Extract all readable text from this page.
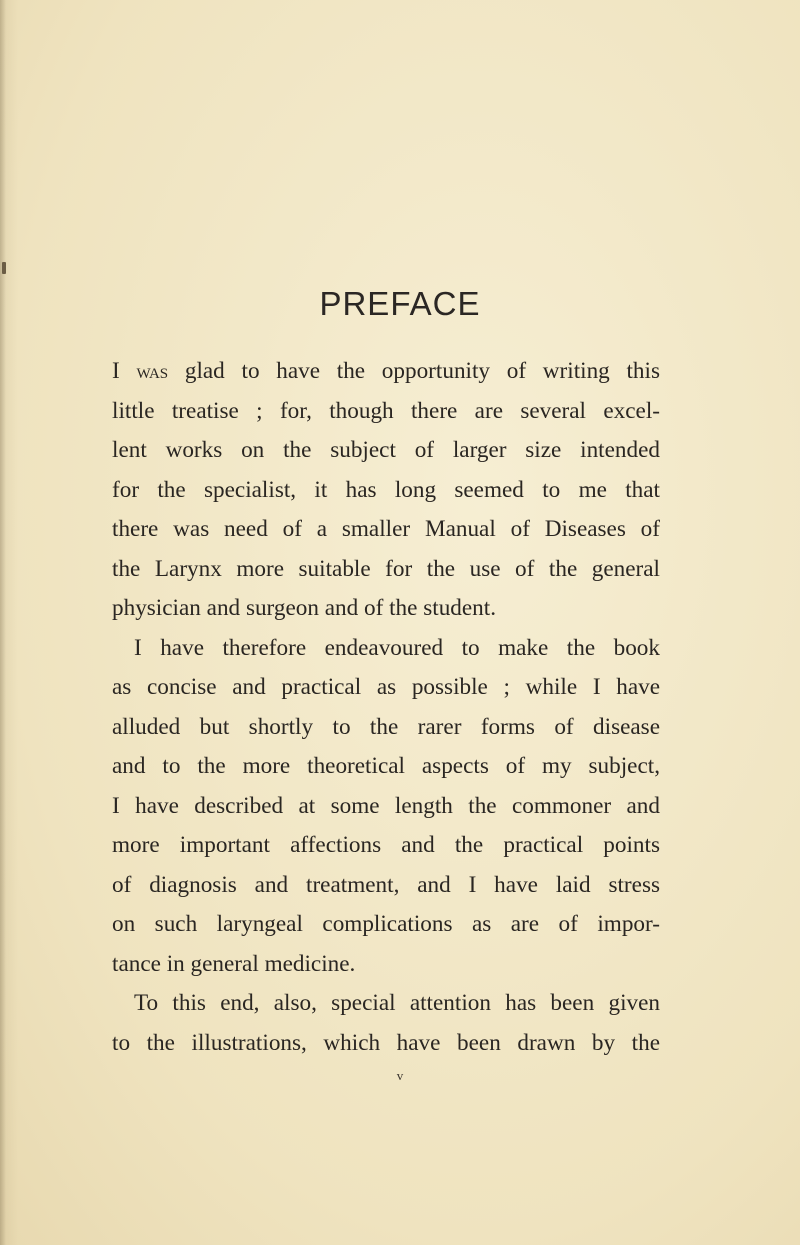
PREFACE
I was glad to have the opportunity of writing this
little treatise ; for, though there are several excel-
lent works on the subject of larger size intended
for the specialist, it has long seemed to me that
there was need of a smaller Manual of Diseases of
the Larynx more suitable for the use of the general
physician and surgeon and of the student.
I have therefore endeavoured to make the book
as concise and practical as possible ; while I have
alluded but shortly to the rarer forms of disease
and to the more theoretical aspects of my subject,
I have described at some length the commoner and
more important affections and the practical points
of diagnosis and treatment, and I have laid stress
on such laryngeal complications as are of impor-
tance in general medicine.
To this end, also, special attention has been given
to the illustrations, which have been drawn by the
v
